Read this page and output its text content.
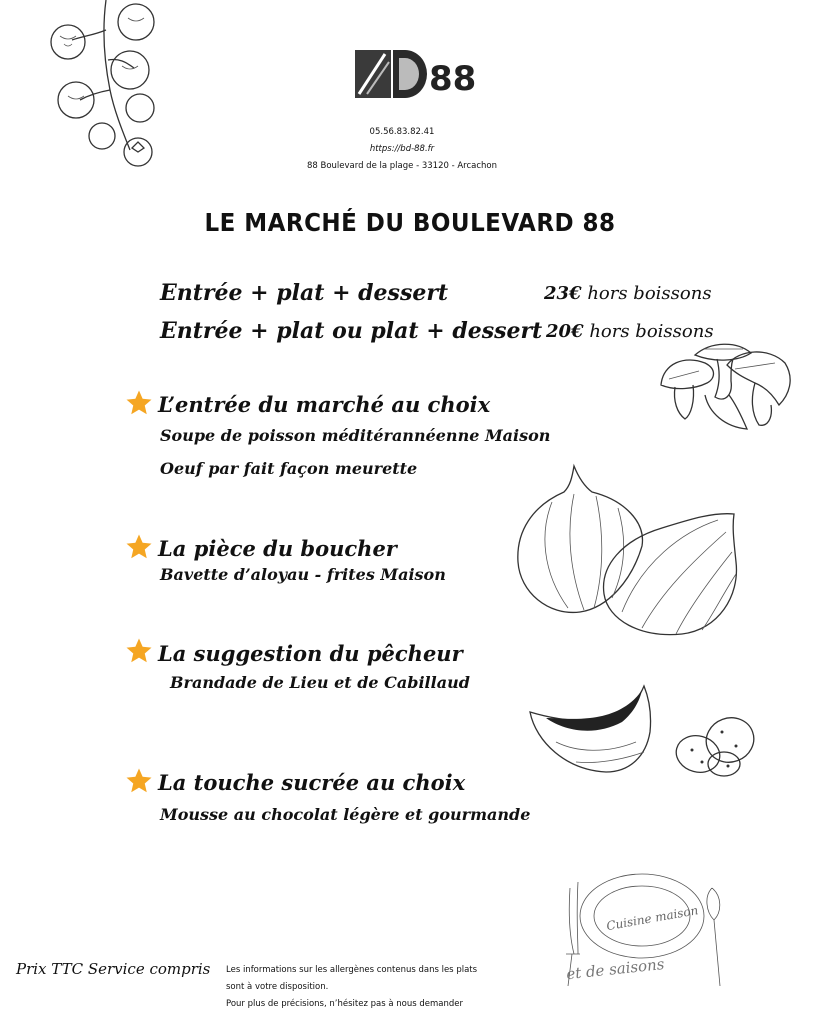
88
05.56.83.82.41
https://bd-88.fr
88 Boulevard de la plage - 33120 - Arcachon
LE MARCHÉ DU BOULEVARD 88
Entrée + plat + dessert	23€ hors boissons
Entrée + plat ou plat + dessert 20€ hors boissons
L’entrée du marché au choix
Soupe de poisson méditérannéenne Maison
Oeuf par fait façon meurette
La pièce du boucher
Bavette d’aloyau - frites Maison
La suggestion du pêcheur
Brandade de Lieu et de Cabillaud
La touche sucrée au choix
Mousse au chocolat légère et gourmande
Cuisine maison
et de saisons
Prix TTC Service compris Les informations sur les allergènes contenus dans les plats
sont à votre disposition.
Pour plus de précisions, n’hésitez pas à nous demander
